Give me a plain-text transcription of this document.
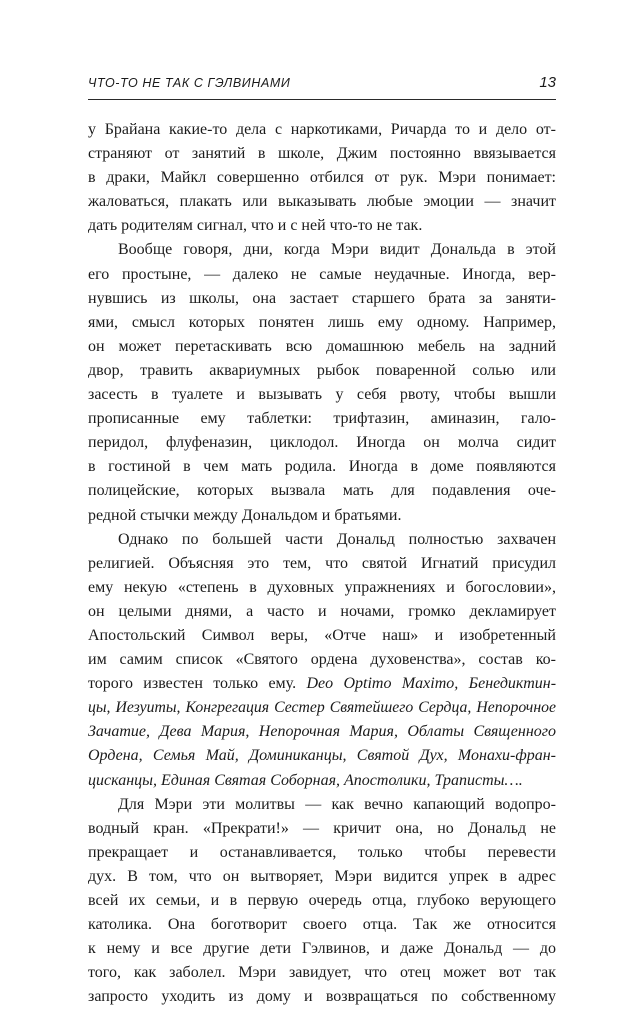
ЧТО-ТО НЕ ТАК С ГЭЛВИНАМИ	13

у Брайана какие-то дела с наркотиками, Ричарда то и дело от-
страняют от занятий в школе, Джим постоянно ввязывается
в драки, Майкл совершенно отбился от рук. Мэри понимает:
жаловаться, плакать или выказывать любые эмоции — значит
дать родителям сигнал, что и с ней что-то не так.

Вообще говоря, дни, когда Мэри видит Дональда в этой
его простыне, — далеко не самые неудачные. Иногда, вер-
нувшись из школы, она застает старшего брата за заняти-
ями, смысл которых понятен лишь ему одному. Например,
он может перетаскивать всю домашнюю мебель на задний
двор, травить аквариумных рыбок поваренной солью или
засесть в туалете и вызывать у себя рвоту, чтобы вышли
прописанные ему таблетки: трифтазин, аминазин, гало-
перидол, флуфеназин, циклодол. Иногда он молча сидит
в гостиной в чем мать родила. Иногда в доме появляются
полицейские, которых вызвала мать для подавления оче-
редной стычки между Дональдом и братьями.

Однако по большей части Дональд полностью захвачен
религией. Объясняя это тем, что святой Игнатий присудил
ему некую «степень в духовных упражнениях и богословии»,
он целыми днями, а часто и ночами, громко декламирует
Апостольский Символ веры, «Отче наш» и изобретенный
им самим список «Святого ордена духовенства», состав ко-
торого известен только ему. Deo Optimo Maximo, Бенедиктин-
цы, Иезуиты, Конгрегация Сестер Святейшего Сердца, Непорочное
Зачатие, Дева Мария, Непорочная Мария, Облаты Священного
Ордена, Семья Май, Доминиканцы, Святой Дух, Монахи-фран-
цисканцы, Единая Святая Соборная, Апостолики, Траписты….

Для Мэри эти молитвы — как вечно капающий водопро-
водный кран. «Прекрати!» — кричит она, но Дональд не
прекращает и останавливается, только чтобы перевести
дух. В том, что он вытворяет, Мэри видится упрек в адрес
всей их семьи, и в первую очередь отца, глубоко верующего
католика. Она боготворит своего отца. Так же относится
к нему и все другие дети Гэлвинов, и даже Дональд — до
того, как заболел. Мэри завидует, что отец может вот так
запросто уходить из дому и возвращаться по собственному
